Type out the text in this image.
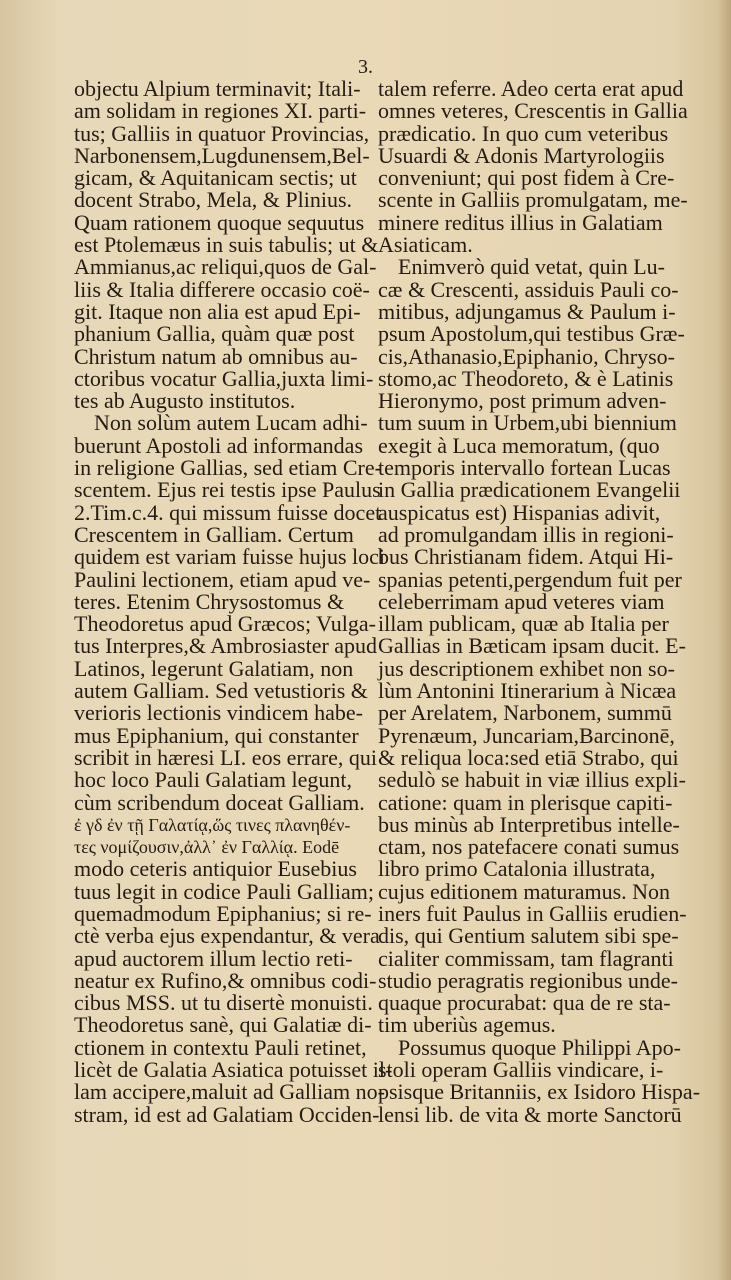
3.
objectu Alpium terminavit; Itali-
am solidam in regiones XI. parti-
tus; Galliis in quatuor Provincias,
Narbonensem,Lugdunensem,Bel-
gicam, & Aquitanicam sectis; ut
docent Strabo, Mela, & Plinius.
Quam rationem quoque sequutus
est Ptolemæus in suis tabulis; ut &
Ammianus,ac reliqui,quos de Gal-
liis & Italia differere occasio coë-
git. Itaque non alia est apud Epi-
phanium Gallia, quàm quæ post
Christum natum ab omnibus au-
ctoribus vocatur Gallia,juxta limi-
tes ab Augusto institutos.
Non solùm autem Lucam adhi-
buerunt Apostoli ad informandas
in religione Gallias, sed etiam Cre-
scentem. Ejus rei testis ipse Paulus
2.Tim.c.4. qui missum fuisse docet
Crescentem in Galliam. Certum
quidem est variam fuisse hujus loci
Paulini lectionem, etiam apud ve-
teres. Etenim Chrysostomus &
Theodoretus apud Græcos; Vulga-
tus Interpres,& Ambrosiaster apud
Latinos, legerunt Galatiam, non
autem Galliam. Sed vetustioris &
verioris lectionis vindicem habe-
mus Epiphanium, qui constanter
scribit in hæresi LI. eos errare, qui
hoc loco Pauli Galatiam legunt,
cùm scribendum doceat Galliam.
ἐ γδ ἐν τῇ Γαλατίᾳ,ὥς τινες πλανηθέν-
τες νομίζουσιν,ἀλλ᾽ ἐν Γαλλίᾳ. Eodē
modo ceteris antiquior Eusebius
tuus legit in codice Pauli Galliam;
quemadmodum Epiphanius; si re-
ctè verba ejus expendantur, & vera
apud auctorem illum lectio reti-
neatur ex Rufino,& omnibus codi-
cibus MSS. ut tu disertè monuisti.
Theodoretus sanè, qui Galatiæ di-
ctionem in contextu Pauli retinet,
licèt de Galatia Asiatica potuisset il-
lam accipere,maluit ad Galliam no-
stram, id est ad Galatiam Occiden-
talem referre. Adeo certa erat apud
omnes veteres, Crescentis in Gallia
prædicatio. In quo cum veteribus
Usuardi & Adonis Martyrologiis
conveniunt; qui post fidem à Cre-
scente in Galliis promulgatam, me-
minere reditus illius in Galatiam
Asiaticam.
Enimverò quid vetat, quin Lu-
cæ & Crescenti, assiduis Pauli co-
mitibus, adjungamus & Paulum i-
psum Apostolum,qui testibus Græ-
cis,Athanasio,Epiphanio, Chryso-
stomo,ac Theodoreto, & è Latinis
Hieronymo, post primum adven-
tum suum in Urbem,ubi biennium
exegit à Luca memoratum, (quo
temporis intervallo fortean Lucas
in Gallia prædicationem Evangelii
auspicatus est) Hispanias adivit,
ad promulgandam illis in regioni-
bus Christianam fidem. Atqui Hi-
spanias petenti,pergendum fuit per
celeberrimam apud veteres viam
illam publicam, quæ ab Italia per
Gallias in Bæticam ipsam ducit. E-
jus descriptionem exhibet non so-
lùm Antonini Itinerarium à Nicæa
per Arelatem, Narbonem, summū
Pyrenæum, Juncariam,Barcinonē,
& reliqua loca:sed etiā Strabo, qui
sedulò se habuit in viæ illius expli-
catione: quam in plerisque capiti-
bus minùs ab Interpretibus intelle-
ctam, nos patefacere conati sumus
libro primo Catalonia illustrata,
cujus editionem maturamus. Non
iners fuit Paulus in Galliis erudien-
dis, qui Gentium salutem sibi spe-
cialiter commissam, tam flagranti
studio peragratis regionibus unde-
quaque procurabat: qua de re sta-
tim uberiùs agemus.
Possumus quoque Philippi Apo-
stoli operam Galliis vindicare, i-
psisque Britanniis, ex Isidoro Hispa-
lensi lib. de vita & morte Sanctorū
